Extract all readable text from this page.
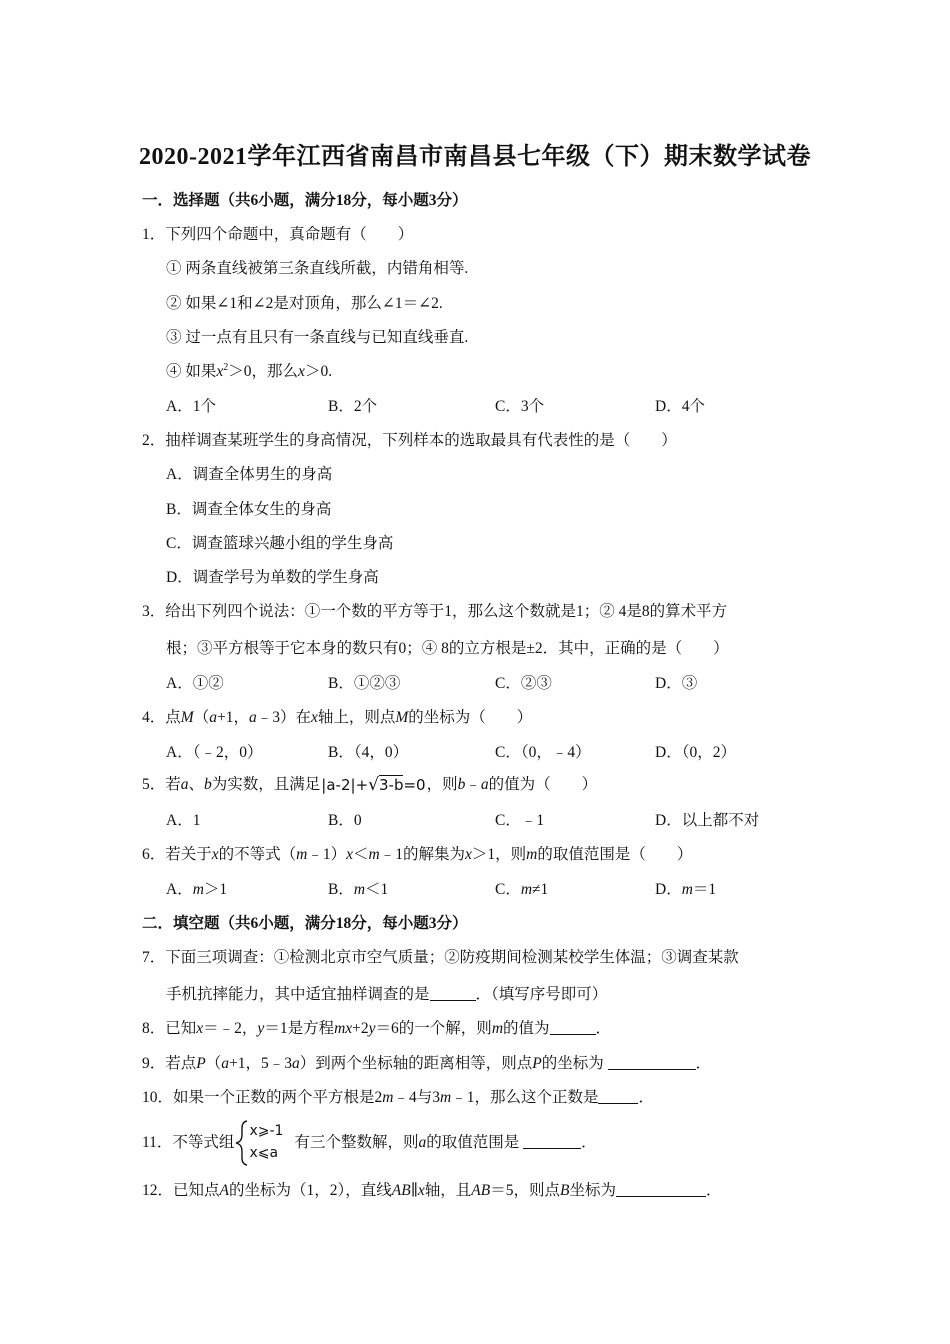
2020-2021学年江西省南昌市南昌县七年级（下）期末数学试卷
一．选择题（共6小题，满分18分，每小题3分）
1．下列四个命题中，真命题有（　　）
① 两条直线被第三条直线所截，内错角相等.
② 如果∠1和∠2是对顶角，那么∠1＝∠2.
③ 过一点有且只有一条直线与已知直线垂直.
④ 如果$x^2>0$，那么x＞0.
A．1个	B．2个	C．3个	D．4个
2．抽样调查某班学生的身高情况，下列样本的选取最具有代表性的是（　　）
A．调查全体男生的身高
B．调查全体女生的身高
C．调查篮球兴趣小组的学生身高
D．调查学号为单数的学生身高
3．给出下列四个说法：①一个数的平方等于1，那么这个数就是1；② 4是8的算术平方
根；③平方根等于它本身的数只有0；④ 8的立方根是±2．其中，正确的是（　　）
A．①②	B．①②③	C．②③	D．③
4．点M（a+1，a﹣3）在x轴上，则点M的坐标为（　　）
A．（﹣2，0）	B．（4，0）	C．（0，﹣4）	D．（0，2）
5．若a、b为实数，且满足|a-2|+√3-b=0，则b﹣a的值为（　　）
A．1	B．0	C．﹣1	D．以上都不对
6．若关于x的不等式（m﹣1）x＜m﹣1的解集为x＞1，则m的取值范围是（　　）
A．m＞1	B．m＜1	C．m≠1	D．m＝1
二．填空题（共6小题，满分18分，每小题3分）
7．下面三项调查：①检测北京市空气质量；②防疫期间检测某校学生体温；③调查某款
手机抗摔能力，其中适宜抽样调查的是	．（填写序号即可）
8．已知x＝﹣2，y＝1是方程mx+2y＝6的一个解，则m的值为	．
9．若点P（a+1，5﹣3a）到两个坐标轴的距离相等，则点P的坐标为	．
10．如果一个正数的两个平方根是2m﹣4与3m﹣1，那么这个正数是	．
11．不等式组
x⩾-1
x⩽a
有三个整数解，则a的取值范围是	．
12．已知点A的坐标为（1，2），直线AB∥x轴，且AB＝5，则点B坐标为	．
